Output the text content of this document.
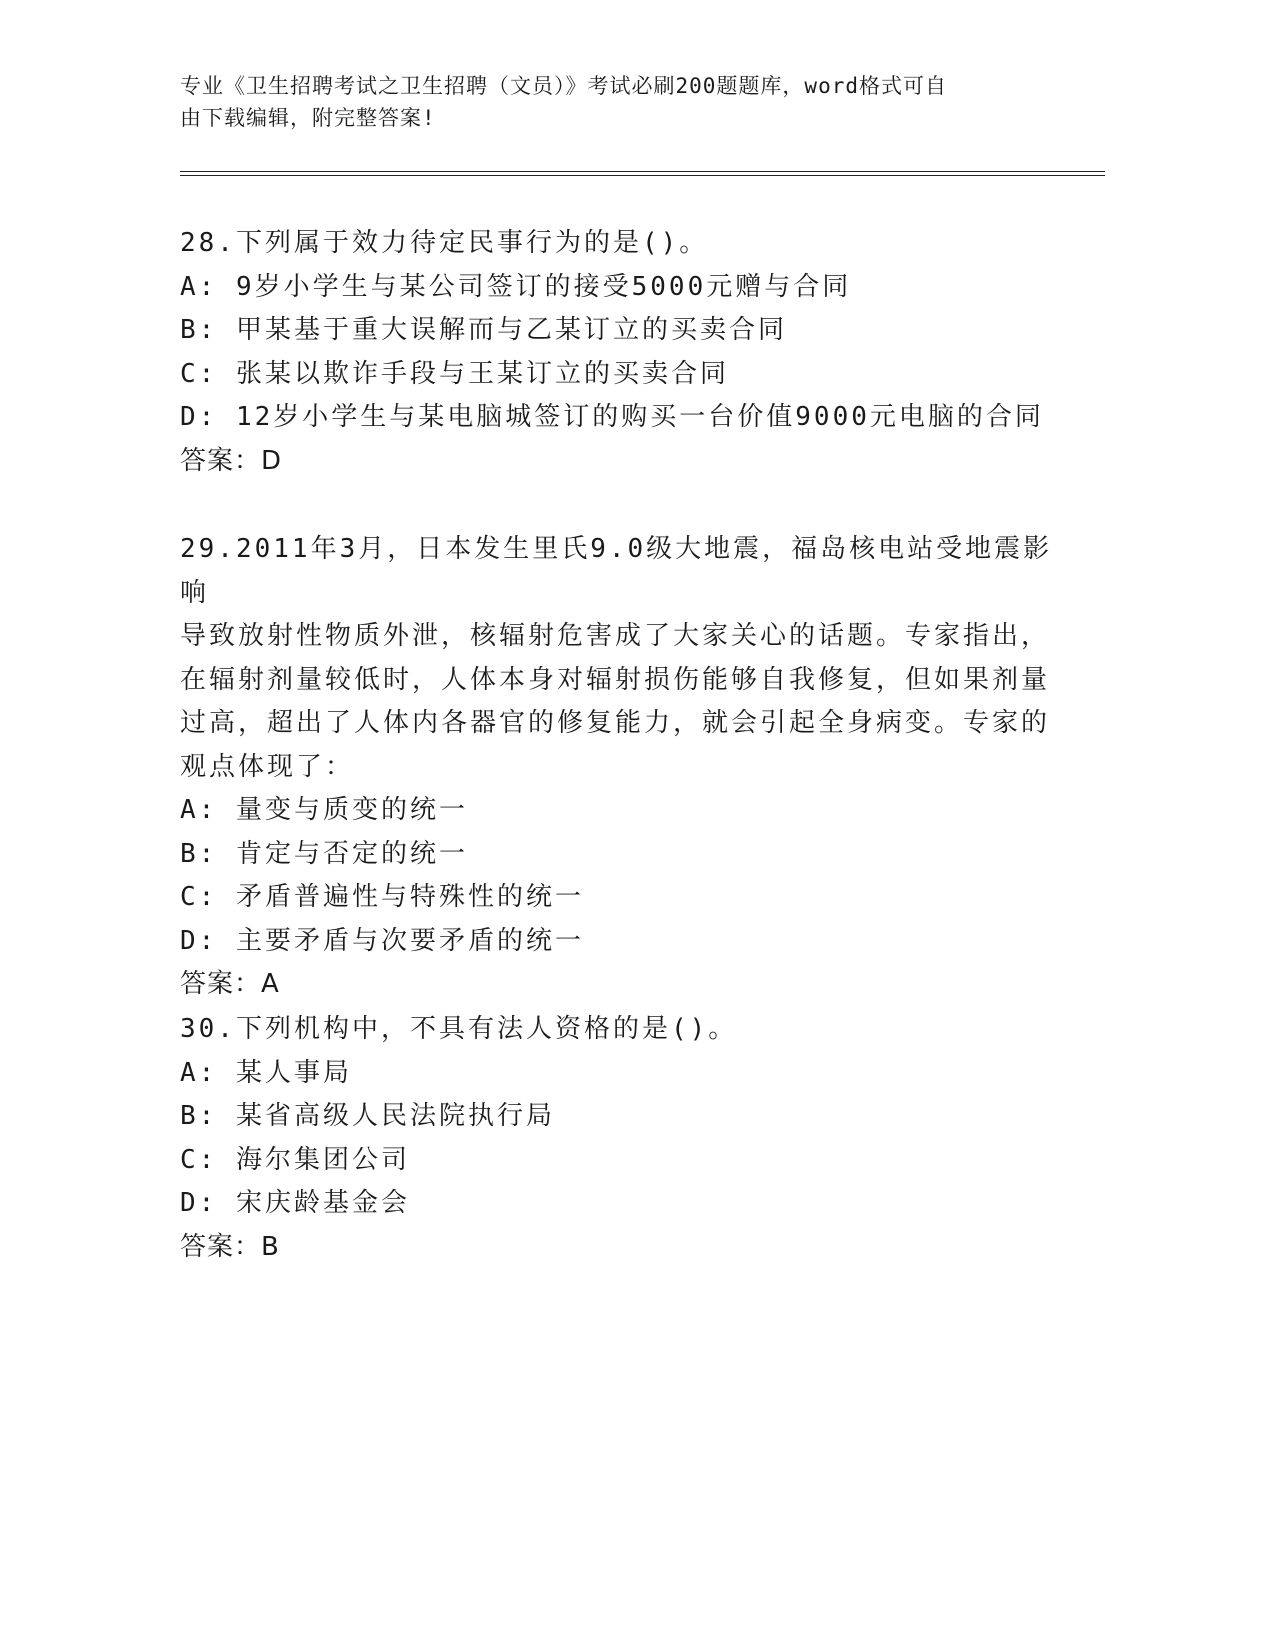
专业《卫生招聘考试之卫生招聘（文员）》考试必刷200题题库，word格式可自
由下载编辑，附完整答案!
28.下列属于效力待定民事行为的是()。
A: 9岁小学生与某公司签订的接受5000元赠与合同
B: 甲某基于重大误解而与乙某订立的买卖合同
C: 张某以欺诈手段与王某订立的买卖合同
D: 12岁小学生与某电脑城签订的购买一台价值9000元电脑的合同
答案：D
29.2011年3月，日本发生里氏9.0级大地震，福岛核电站受地震影响
导致放射性物质外泄，核辐射危害成了大家关心的话题。专家指出，
在辐射剂量较低时，人体本身对辐射损伤能够自我修复，但如果剂量
过高，超出了人体内各器官的修复能力，就会引起全身病变。专家的
观点体现了：
A: 量变与质变的统一
B: 肯定与否定的统一
C: 矛盾普遍性与特殊性的统一
D: 主要矛盾与次要矛盾的统一
答案：A
30.下列机构中，不具有法人资格的是()。
A: 某人事局
B: 某省高级人民法院执行局
C: 海尔集团公司
D: 宋庆龄基金会
答案：B
